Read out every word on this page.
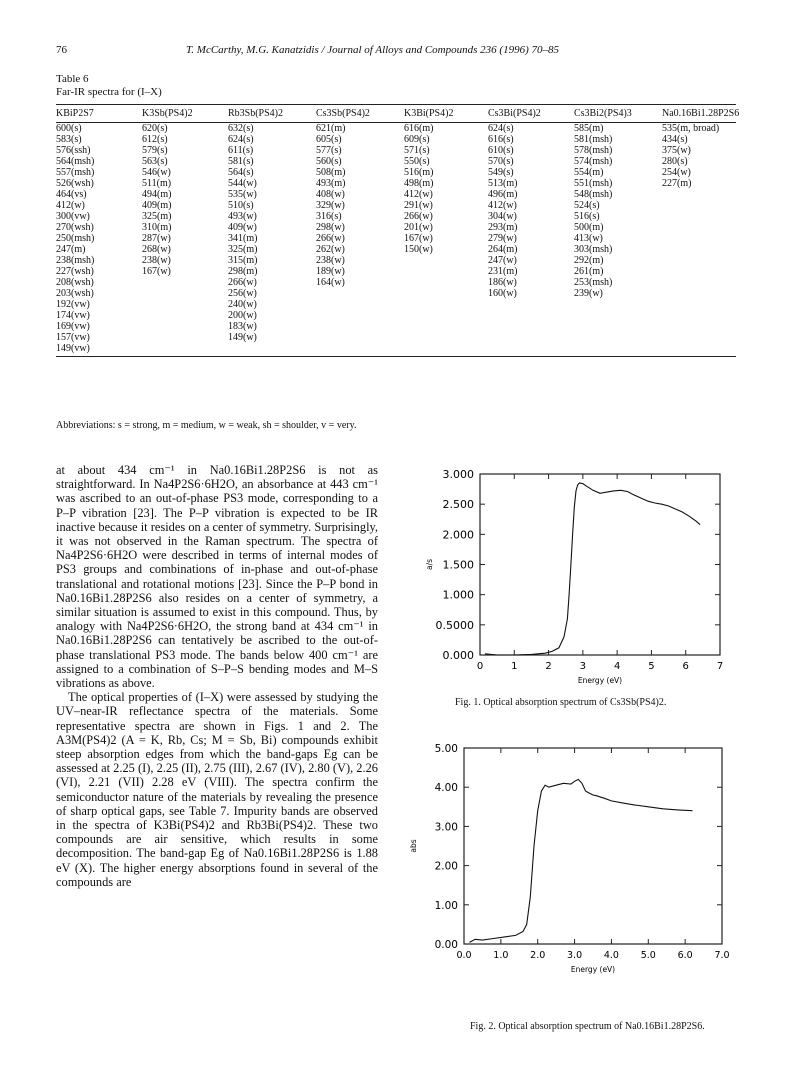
76	T. McCarthy, M.G. Kanatzidis / Journal of Alloys and Compounds 236 (1996) 70–85
Table 6
Far-IR spectra for (I–X)
KBiP2S7	K3Sb(PS4)2	Rb3Sb(PS4)2	Cs3Sb(PS4)2	K3Bi(PS4)2	Cs3Bi(PS4)2	Cs3Bi2(PS4)3	Na0.16Bi1.28P2S6
600(s)	620(s)	632(s)	621(m)	616(m)	624(s)	585(m)	535(m, broad)
583(s)	612(s)	624(s)	605(s)	609(s)	616(s)	581(msh)	434(s)
576(ssh)	579(s)	611(s)	577(s)	571(s)	610(s)	578(msh)	375(w)
564(msh)	563(s)	581(s)	560(s)	550(s)	570(s)	574(msh)	280(s)
557(msh)	546(w)	564(s)	508(m)	516(m)	549(s)	554(m)	254(w)
526(wsh)	511(m)	544(w)	493(m)	498(m)	513(m)	551(msh)	227(m)
464(vs)	494(m)	535(w)	408(w)	412(w)	496(m)	548(msh)	
412(w)	409(m)	510(s)	329(w)	291(w)	412(w)	524(s)	
300(vw)	325(m)	493(w)	316(s)	266(w)	304(w)	516(s)	
270(wsh)	310(m)	409(w)	298(w)	201(w)	293(m)	500(m)	
250(msh)	287(w)	341(m)	266(w)	167(w)	279(w)	413(w)	
247(m)	268(w)	325(m)	262(w)	150(w)	264(m)	303(msh)	
238(msh)	238(w)	315(m)	238(w)		247(w)	292(m)	
227(wsh)	167(w)	298(m)	189(w)		231(m)	261(m)	
208(wsh)		266(w)	164(w)		186(w)	253(msh)	
203(wsh)		256(w)			160(w)	239(w)	
192(vw)		240(w)					
174(vw)		200(w)					
169(vw)		183(w)					
157(vw)		149(w)					
149(vw)							
Abbreviations: s = strong, m = medium, w = weak, sh = shoulder, v = very.

at about 434 cm⁻¹ in Na0.16Bi1.28P2S6 is not as straightforward. In Na4P2S6·6H2O, an absorbance at 443 cm⁻¹ was ascribed to an out-of-phase PS3 mode, corresponding to a P–P vibration [23]. The P–P vibration is expected to be IR inactive because it resides on a center of symmetry. Surprisingly, it was not observed in the Raman spectrum. The spectra of Na4P2S6·6H2O were described in terms of internal modes of PS3 groups and combinations of in-phase and out-of-phase translational and rotational motions [23]. Since the P–P bond in Na0.16Bi1.28P2S6 also resides on a center of symmetry, a similar situation is assumed to exist in this compound. Thus, by analogy with Na4P2S6·6H2O, the strong band at 434 cm⁻¹ in Na0.16Bi1.28P2S6 can tentatively be ascribed to the out-of-phase translational PS3 mode. The bands below 400 cm⁻¹ are assigned to a combination of S–P–S bending modes and M–S vibrations as above.

The optical properties of (I–X) were assessed by studying the UV–near-IR reflectance spectra of the materials. Some representative spectra are shown in Figs. 1 and 2. The A3M(PS4)2 (A = K, Rb, Cs; M = Sb, Bi) compounds exhibit steep absorption edges from which the band-gaps Eg can be assessed at 2.25 (I), 2.25 (II), 2.75 (III), 2.67 (IV), 2.80 (V), 2.26 (VI), 2.21 (VII) 2.28 eV (VIII). The spectra confirm the semiconductor nature of the materials by revealing the presence of sharp optical gaps, see Table 7. Impurity bands are observed in the spectra of K3Bi(PS4)2 and Rb3Bi(PS4)2. These two compounds are air sensitive, which results in some decomposition. The band-gap Eg of Na0.16Bi1.28P2S6 is 1.88 eV (X). The higher energy absorptions found in several of the compounds are

0.000
0.5000
1.000
1.500
2.000
2.500
3.000
0	1	2	3	4	5	6	7
Energy (eV)
a/s
Fig. 1. Optical absorption spectrum of Cs3Sb(PS4)2.
0.00
1.00
2.00
3.00
4.00
5.00
0.0 1.0 2.0 3.0 4.0 5.0 6.0 7.0
Energy (eV)
abs
Fig. 2. Optical absorption spectrum of Na0.16Bi1.28P2S6.
